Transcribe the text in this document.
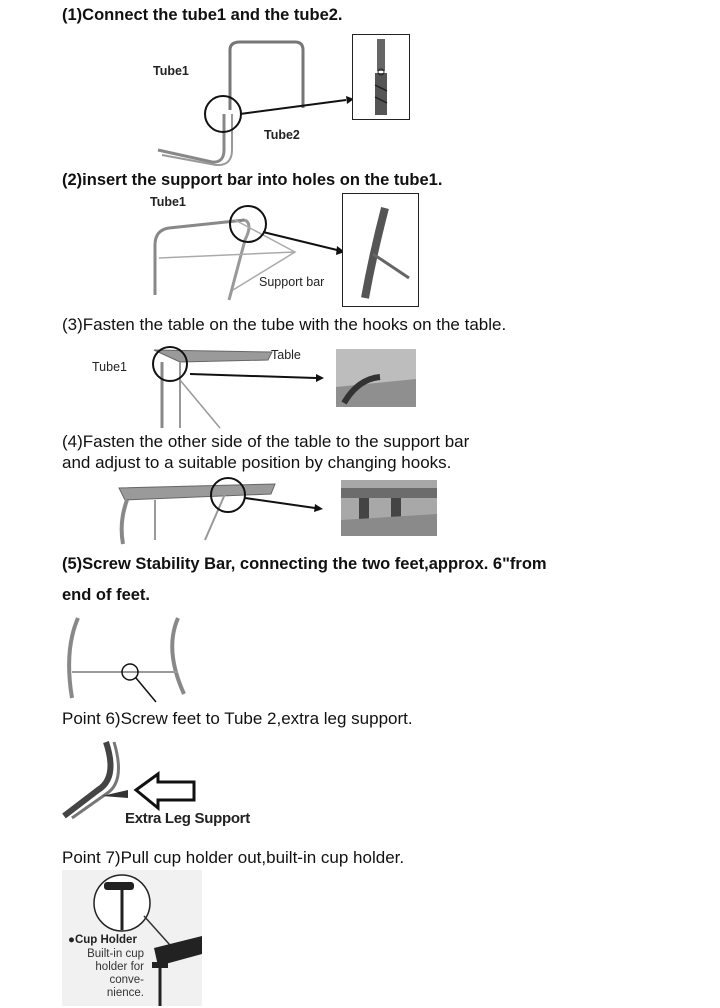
(1)Connect the tube1 and the tube2.
Tube1
Tube2
(2)insert the support bar into holes on the tube1.
Tube1
Support bar
(3)Fasten the table on the tube with the hooks on the table.
Tube1
Table
(4)Fasten the other side of the table to the support bar
and adjust to a suitable position by changing hooks.
(5)Screw Stability Bar, connecting the two feet,approx. 6"from
end of feet.
Point 6)Screw feet to Tube 2,extra leg support.
Extra Leg Support
Point 7)Pull cup holder out,built-in cup holder.
●Cup Holder
Built-in cup
holder for
conve-
nience.
